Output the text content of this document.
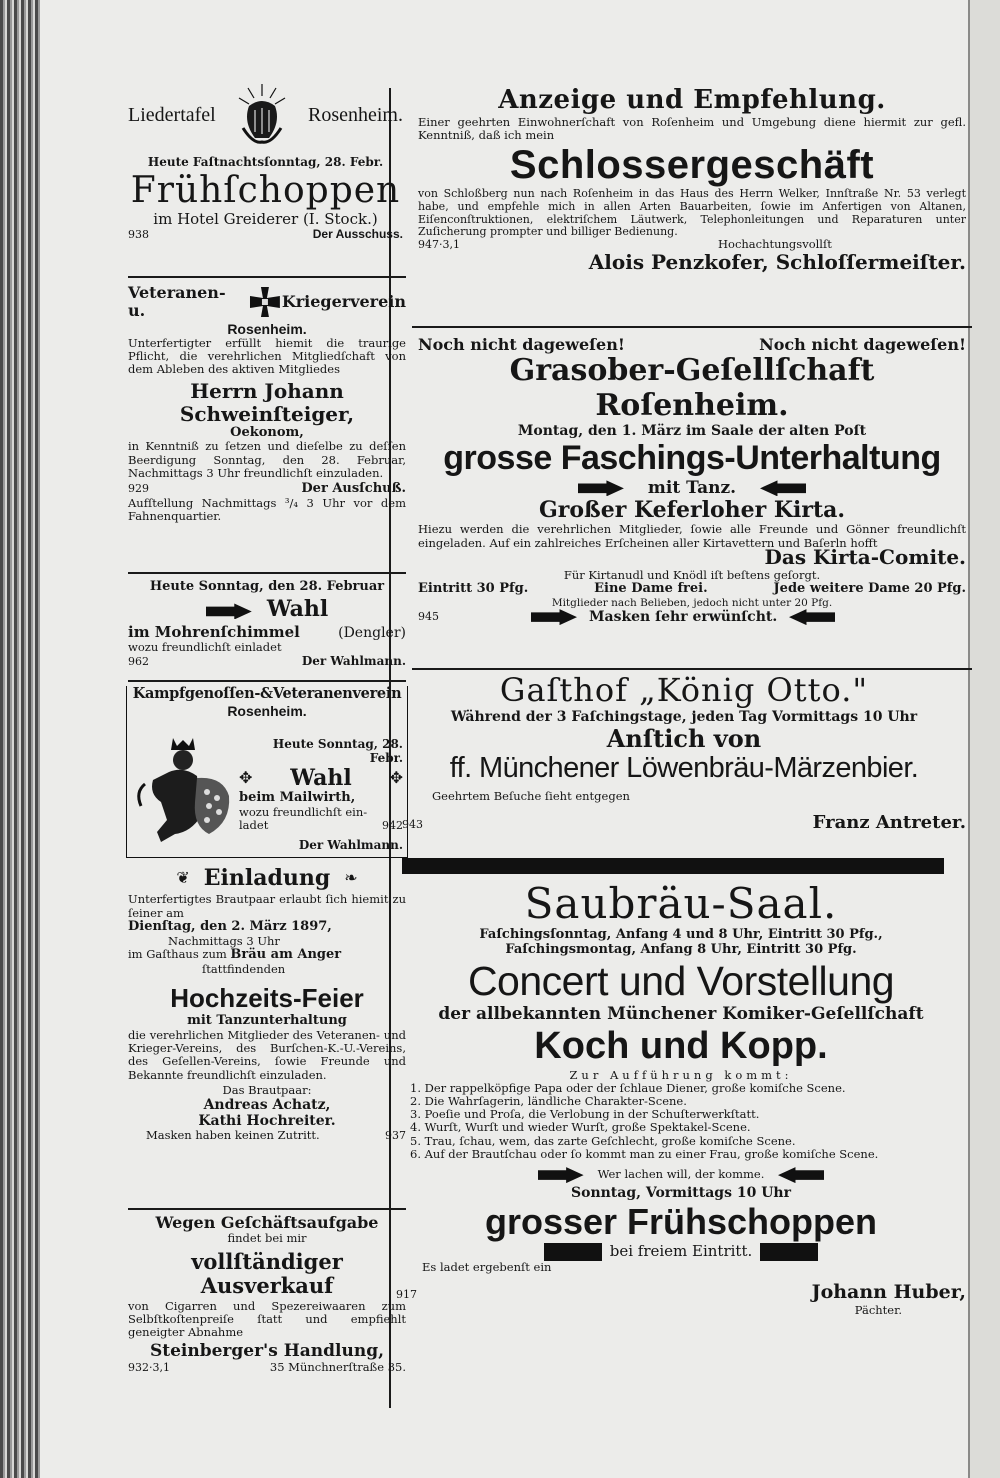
Liedertafel	Rosenheim.
Heute Faſtnachtsſonntag, 28. Febr.
Frühſchoppen
im Hotel Greiderer (I. Stock.)
938	Der Ausschuss.
Veteranen- u.	Kriegerverein
Rosenheim.
Unterfertigter erfüllt hiemit die traurige Pflicht, die verehrlichen Mitgliedſchaft von dem Ableben des aktiven Mitgliedes
Herrn Johann Schweinſteiger,
Oekonom,
in Kenntniß zu ſetzen und dieſelbe zu deſſen Beerdigung Sonntag, den 28. Februar, Nachmittags 3 Uhr freundlichſt einzuladen.
929	Der Ausſchuß.
Aufſtellung Nachmittags ³/₄ 3 Uhr vor dem Fahnenquartier.
Heute Sonntag, den 28. Februar
Wahl
im Mohrenſchimmel	(Dengler)
wozu freundlichſt einladet
962	Der Wahlmann.
Kampfgenoſſen-&Veteranenverein
Rosenheim.
Heute Sonntag, 28. Febr.
✥ Wahl ✥
beim Mailwirth,
wozu freundlichſt ein-
ladet	942
Der Wahlmann.
❦ Einladung ❧
Unterfertigtes Brautpaar erlaubt ſich hiemit zu ſeiner am
Dienſtag, den 2. März 1897,
Nachmittags 3 Uhr
im Gaſthaus zum Bräu am Anger
ſtattfindenden
Hochzeits-Feier
mit Tanzunterhaltung
die verehrlichen Mitglieder des Veteranen- und Krieger-Vereins, des Burſchen-K.-U.-Vereins, des Geſellen-Vereins, ſowie Freunde und Bekannte freundlichſt einzuladen.
Das Brautpaar:
Andreas Achatz,
Kathi Hochreiter.
Masken haben keinen Zutritt.	937
Wegen Geſchäftsaufgabe
findet bei mir
vollſtändiger Ausverkauf
von Cigarren und Spezereiwaaren zum Selbſtkoſtenpreiſe ſtatt und empfiehlt geneigter Abnahme
Steinberger's Handlung,
932·3,1	35 Münchnerſtraße 35.
Anzeige und Empfehlung.
Einer geehrten Einwohnerſchaft von Roſenheim und Umgebung diene hiermit zur gefl. Kenntniß, daß ich mein
Schlossergeschäft
von Schloßberg nun nach Roſenheim in das Haus des Herrn Welker, Innſtraße Nr. 53 verlegt habe, und empfehle mich in allen Arten Bauarbeiten, ſowie im Anfertigen von Altanen, Eiſenconſtruktionen, elektriſchem Läutwerk, Telephonleitungen und Reparaturen unter Zuſicherung prompter und billiger Bedienung.
947·3,1	Hochachtungsvollſt
Alois Penzkofer, Schloſſermeiſter.
Noch nicht dageweſen!	Noch nicht dageweſen!
Grasober-Geſellſchaft Roſenheim.
Montag, den 1. März im Saale der alten Poſt
grosse Faschings-Unterhaltung
mit Tanz.
Großer Keferloher Kirta.
Hiezu werden die verehrlichen Mitglieder, ſowie alle Freunde und Gönner freundlichſt eingeladen. Auf ein zahlreiches Erſcheinen aller Kirtavettern und Baſerln hofft
Das Kirta-Comite.
Für Kirtanudl und Knödl iſt beſtens geſorgt.
Eintritt 30 Pfg.	Eine Dame frei.	Jede weitere Dame 20 Pfg.
Mitglieder nach Belieben, jedoch nicht unter 20 Pfg.
945	Masken ſehr erwünſcht.
Gaſthof „König Otto."
Während der 3 Faſchingstage, jeden Tag Vormittags 10 Uhr
Anſtich von
ff. Münchener Löwenbräu-Märzenbier.
Geehrtem Beſuche ſieht entgegen
943	Franz Antreter.
Saubräu-Saal.
Faſchingsſonntag, Anfang 4 und 8 Uhr, Eintritt 30 Pfg.,
Faſchingsmontag, Anfang 8 Uhr, Eintritt 30 Pfg.
Concert und Vorstellung
der allbekannten Münchener Komiker-Geſellſchaft
Koch und Kopp.
Zur Aufführung kommt:
1. Der rappelköpfige Papa oder der ſchlaue Diener, große komiſche Scene.
2. Die Wahrſagerin, ländliche Charakter-Scene.
3. Poeſie und Proſa, die Verlobung in der Schuſterwerkſtatt.
4. Wurſt, Wurſt und wieder Wurſt, große Spektakel-Scene.
5. Trau, ſchau, wem, das zarte Geſchlecht, große komiſche Scene.
6. Auf der Brautſchau oder ſo kommt man zu einer Frau, große komiſche Scene.
Wer lachen will, der komme.
Sonntag, Vormittags 10 Uhr
grosser Frühschoppen
bei freiem Eintritt.
Es ladet ergebenſt ein
917	Johann Huber,
Pächter.
